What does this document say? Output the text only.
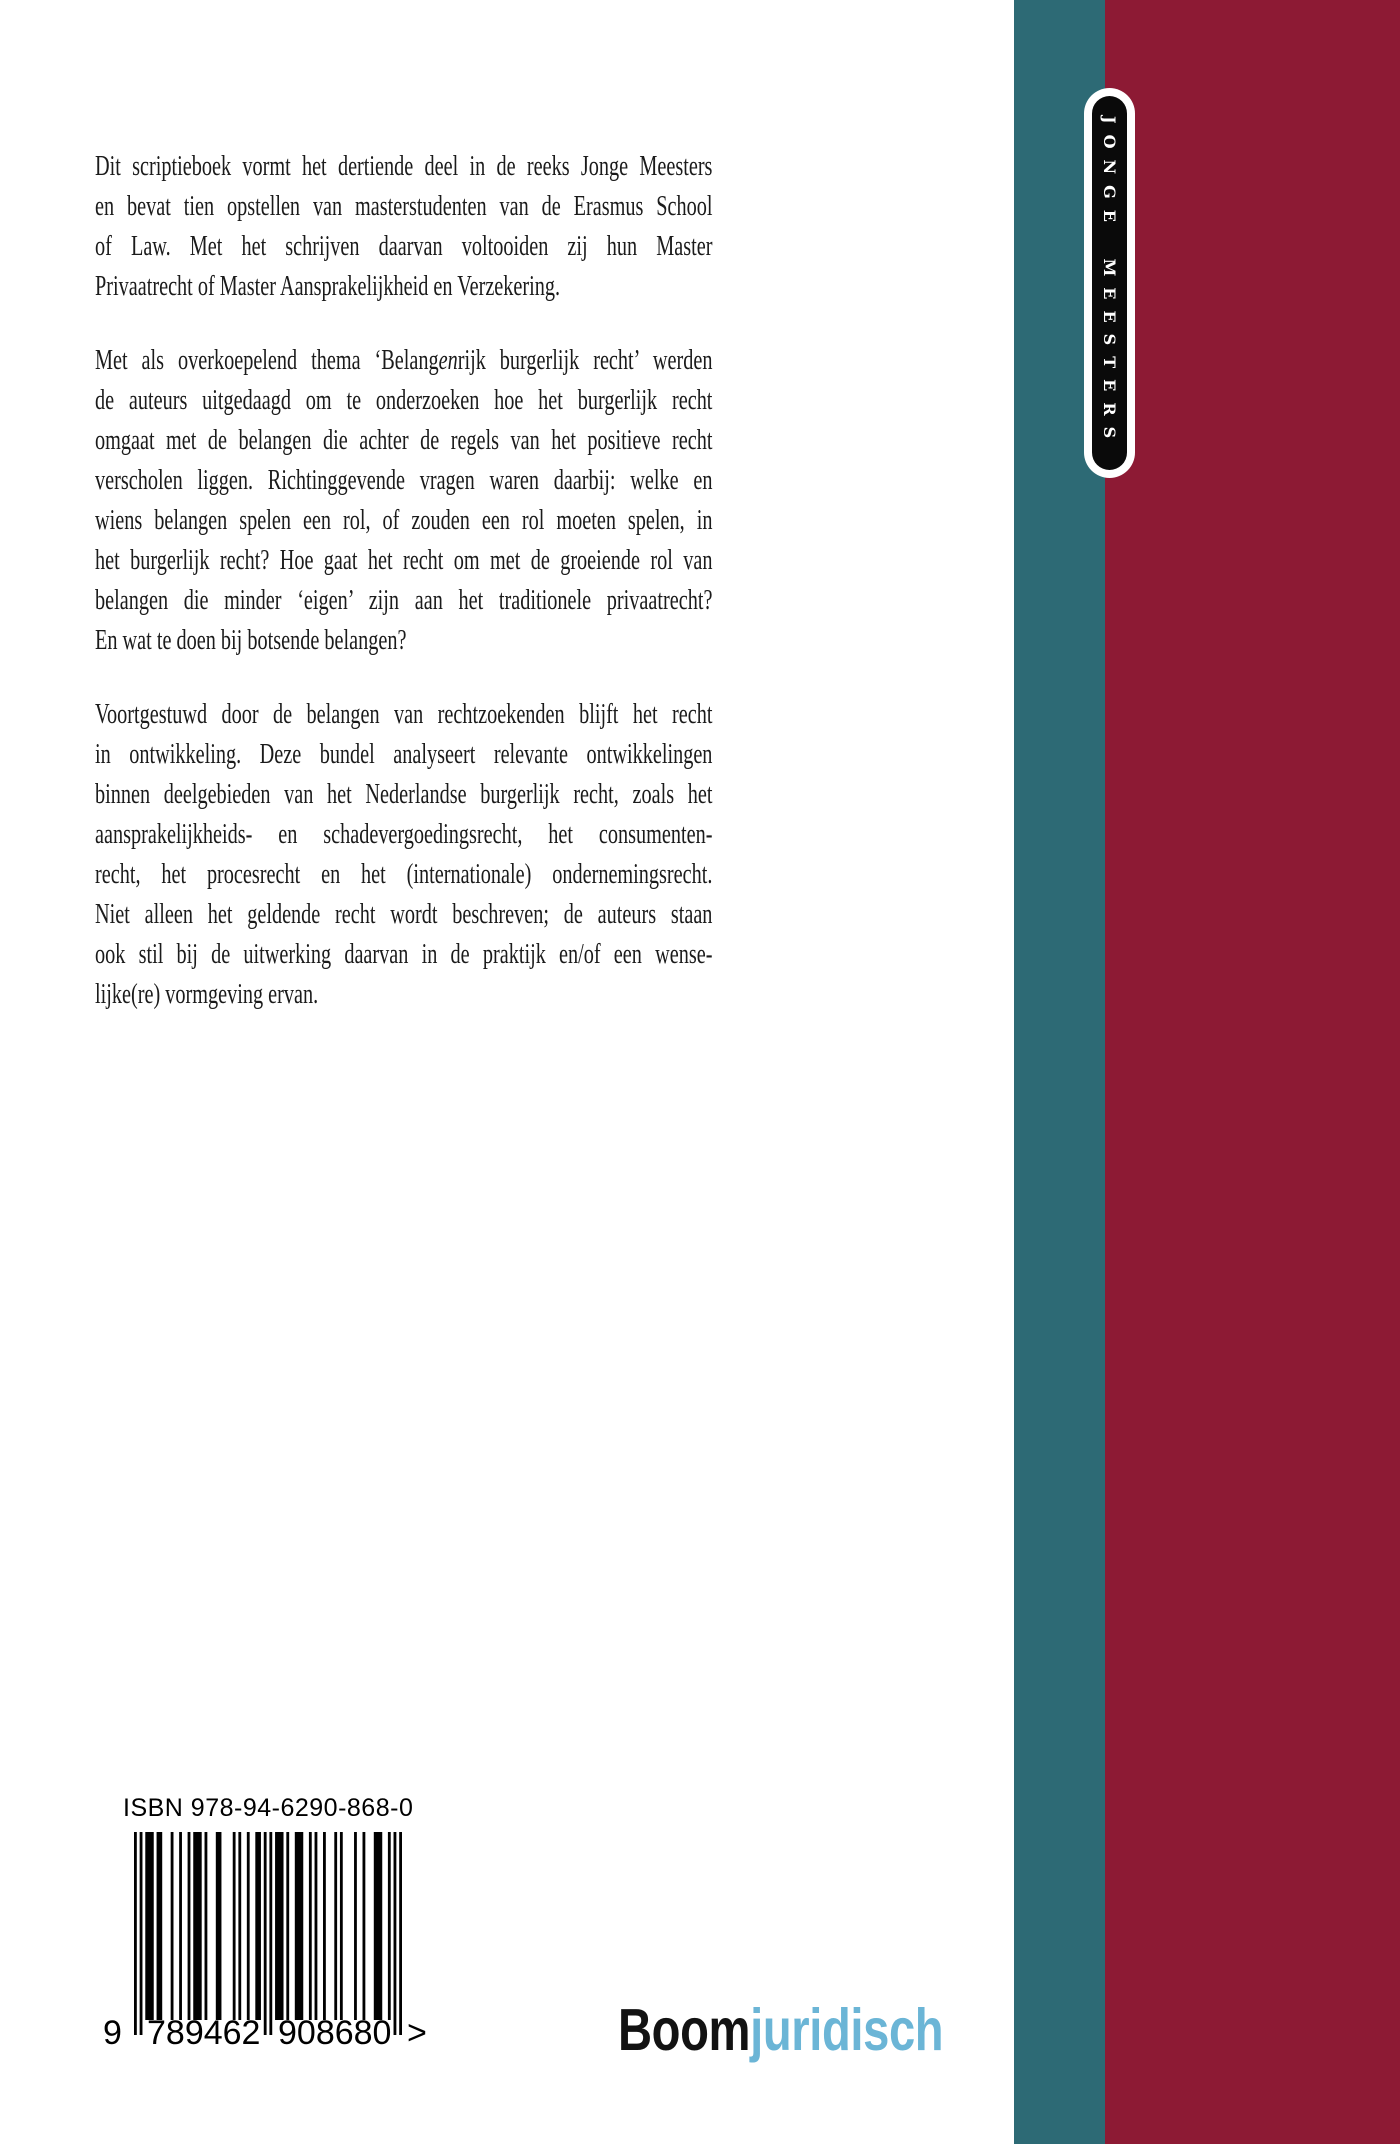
JONGE MEESTERS
Dit scriptieboek vormt het dertiende deel in de reeks Jonge Meesters
en bevat tien opstellen van masterstudenten van de Erasmus School
of Law. Met het schrijven daarvan voltooiden zij hun Master
Privaatrecht of Master Aansprakelijkheid en Verzekering.
Met als overkoepelend thema ‘Belangenrijk burgerlijk recht’ werden
de auteurs uitgedaagd om te onderzoeken hoe het burgerlijk recht
omgaat met de belangen die achter de regels van het positieve recht
verscholen liggen. Richtinggevende vragen waren daarbij: welke en
wiens belangen spelen een rol, of zouden een rol moeten spelen, in
het burgerlijk recht? Hoe gaat het recht om met de groeiende rol van
belangen die minder ‘eigen’ zijn aan het traditionele privaatrecht?
En wat te doen bij botsende belangen?
Voortgestuwd door de belangen van rechtzoekenden blijft het recht
in ontwikkeling. Deze bundel analyseert relevante ontwikkelingen
binnen deelgebieden van het Nederlandse burgerlijk recht, zoals het
aansprakelijkheids- en schadevergoedingsrecht, het consumenten-
recht, het procesrecht en het (internationale) ondernemingsrecht.
Niet alleen het geldende recht wordt beschreven; de auteurs staan
ook stil bij de uitwerking daarvan in de praktijk en/of een wense-
lijke(re) vormgeving ervan.
ISBN 978-94-6290-868-0
9 789462 908680 >	Boomjuridisch
